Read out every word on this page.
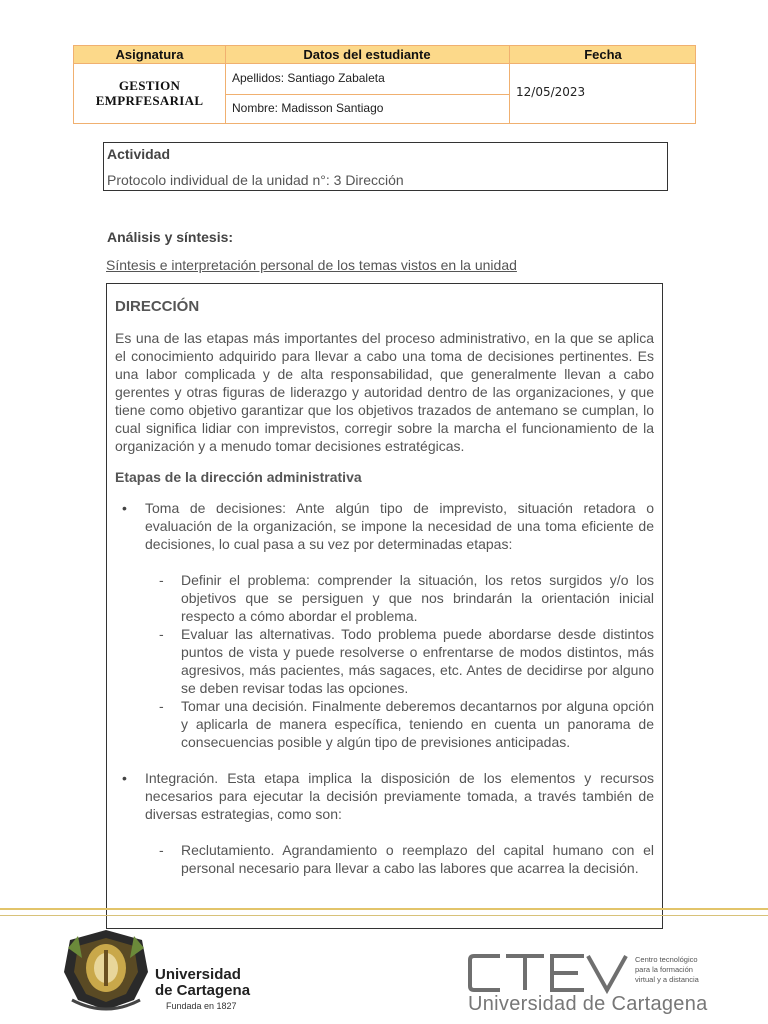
Asignatura	Datos del estudiante	Fecha
GESTION
EMPRFESARIAL
Apellidos: Santiago Zabaleta
Nombre: Madisson Santiago
12/05/2023
Actividad
Protocolo individual de la unidad n°: 3 Dirección
Análisis y síntesis:
Síntesis e interpretación personal de los temas vistos en la unidad
DIRECCIÓN

Es una de las etapas más importantes del proceso administrativo, en la que se aplica el conocimiento adquirido para llevar a cabo una toma de decisiones pertinentes. Es una labor complicada y de alta responsabilidad, que generalmente llevan a cabo gerentes y otras figuras de liderazgo y autoridad dentro de las organizaciones, y que tiene como objetivo garantizar que los objetivos trazados de antemano se cumplan, lo cual significa lidiar con imprevistos, corregir sobre la marcha el funcionamiento de la organización y a menudo tomar decisiones estratégicas.

Etapas de la dirección administrativa
• Toma de decisiones: Ante algún tipo de imprevisto, situación retadora o evaluación de la organización, se impone la necesidad de una toma eficiente de decisiones, lo cual pasa a su vez por determinadas etapas:
- Definir el problema: comprender la situación, los retos surgidos y/o los objetivos que se persiguen y que nos brindarán la orientación inicial respecto a cómo abordar el problema.
- Evaluar las alternativas. Todo problema puede abordarse desde distintos puntos de vista y puede resolverse o enfrentarse de modos distintos, más agresivos, más pacientes, más sagaces, etc. Antes de decidirse por alguno se deben revisar todas las opciones.
- Tomar una decisión. Finalmente deberemos decantarnos por alguna opción y aplicarla de manera específica, teniendo en cuenta un panorama de consecuencias posible y algún tipo de previsiones anticipadas.
• Integración. Esta etapa implica la disposición de los elementos y recursos necesarios para ejecutar la decisión previamente tomada, a través también de diversas estrategias, como son:
- Reclutamiento. Agrandamiento o reemplazo del capital humano con el personal necesario para llevar a cabo las labores que acarrea la decisión.
Universidad
de Cartagena
Fundada en 1827
Centro tecnológico
para la formación
virtual y a distancia
Universidad de Cartagena
